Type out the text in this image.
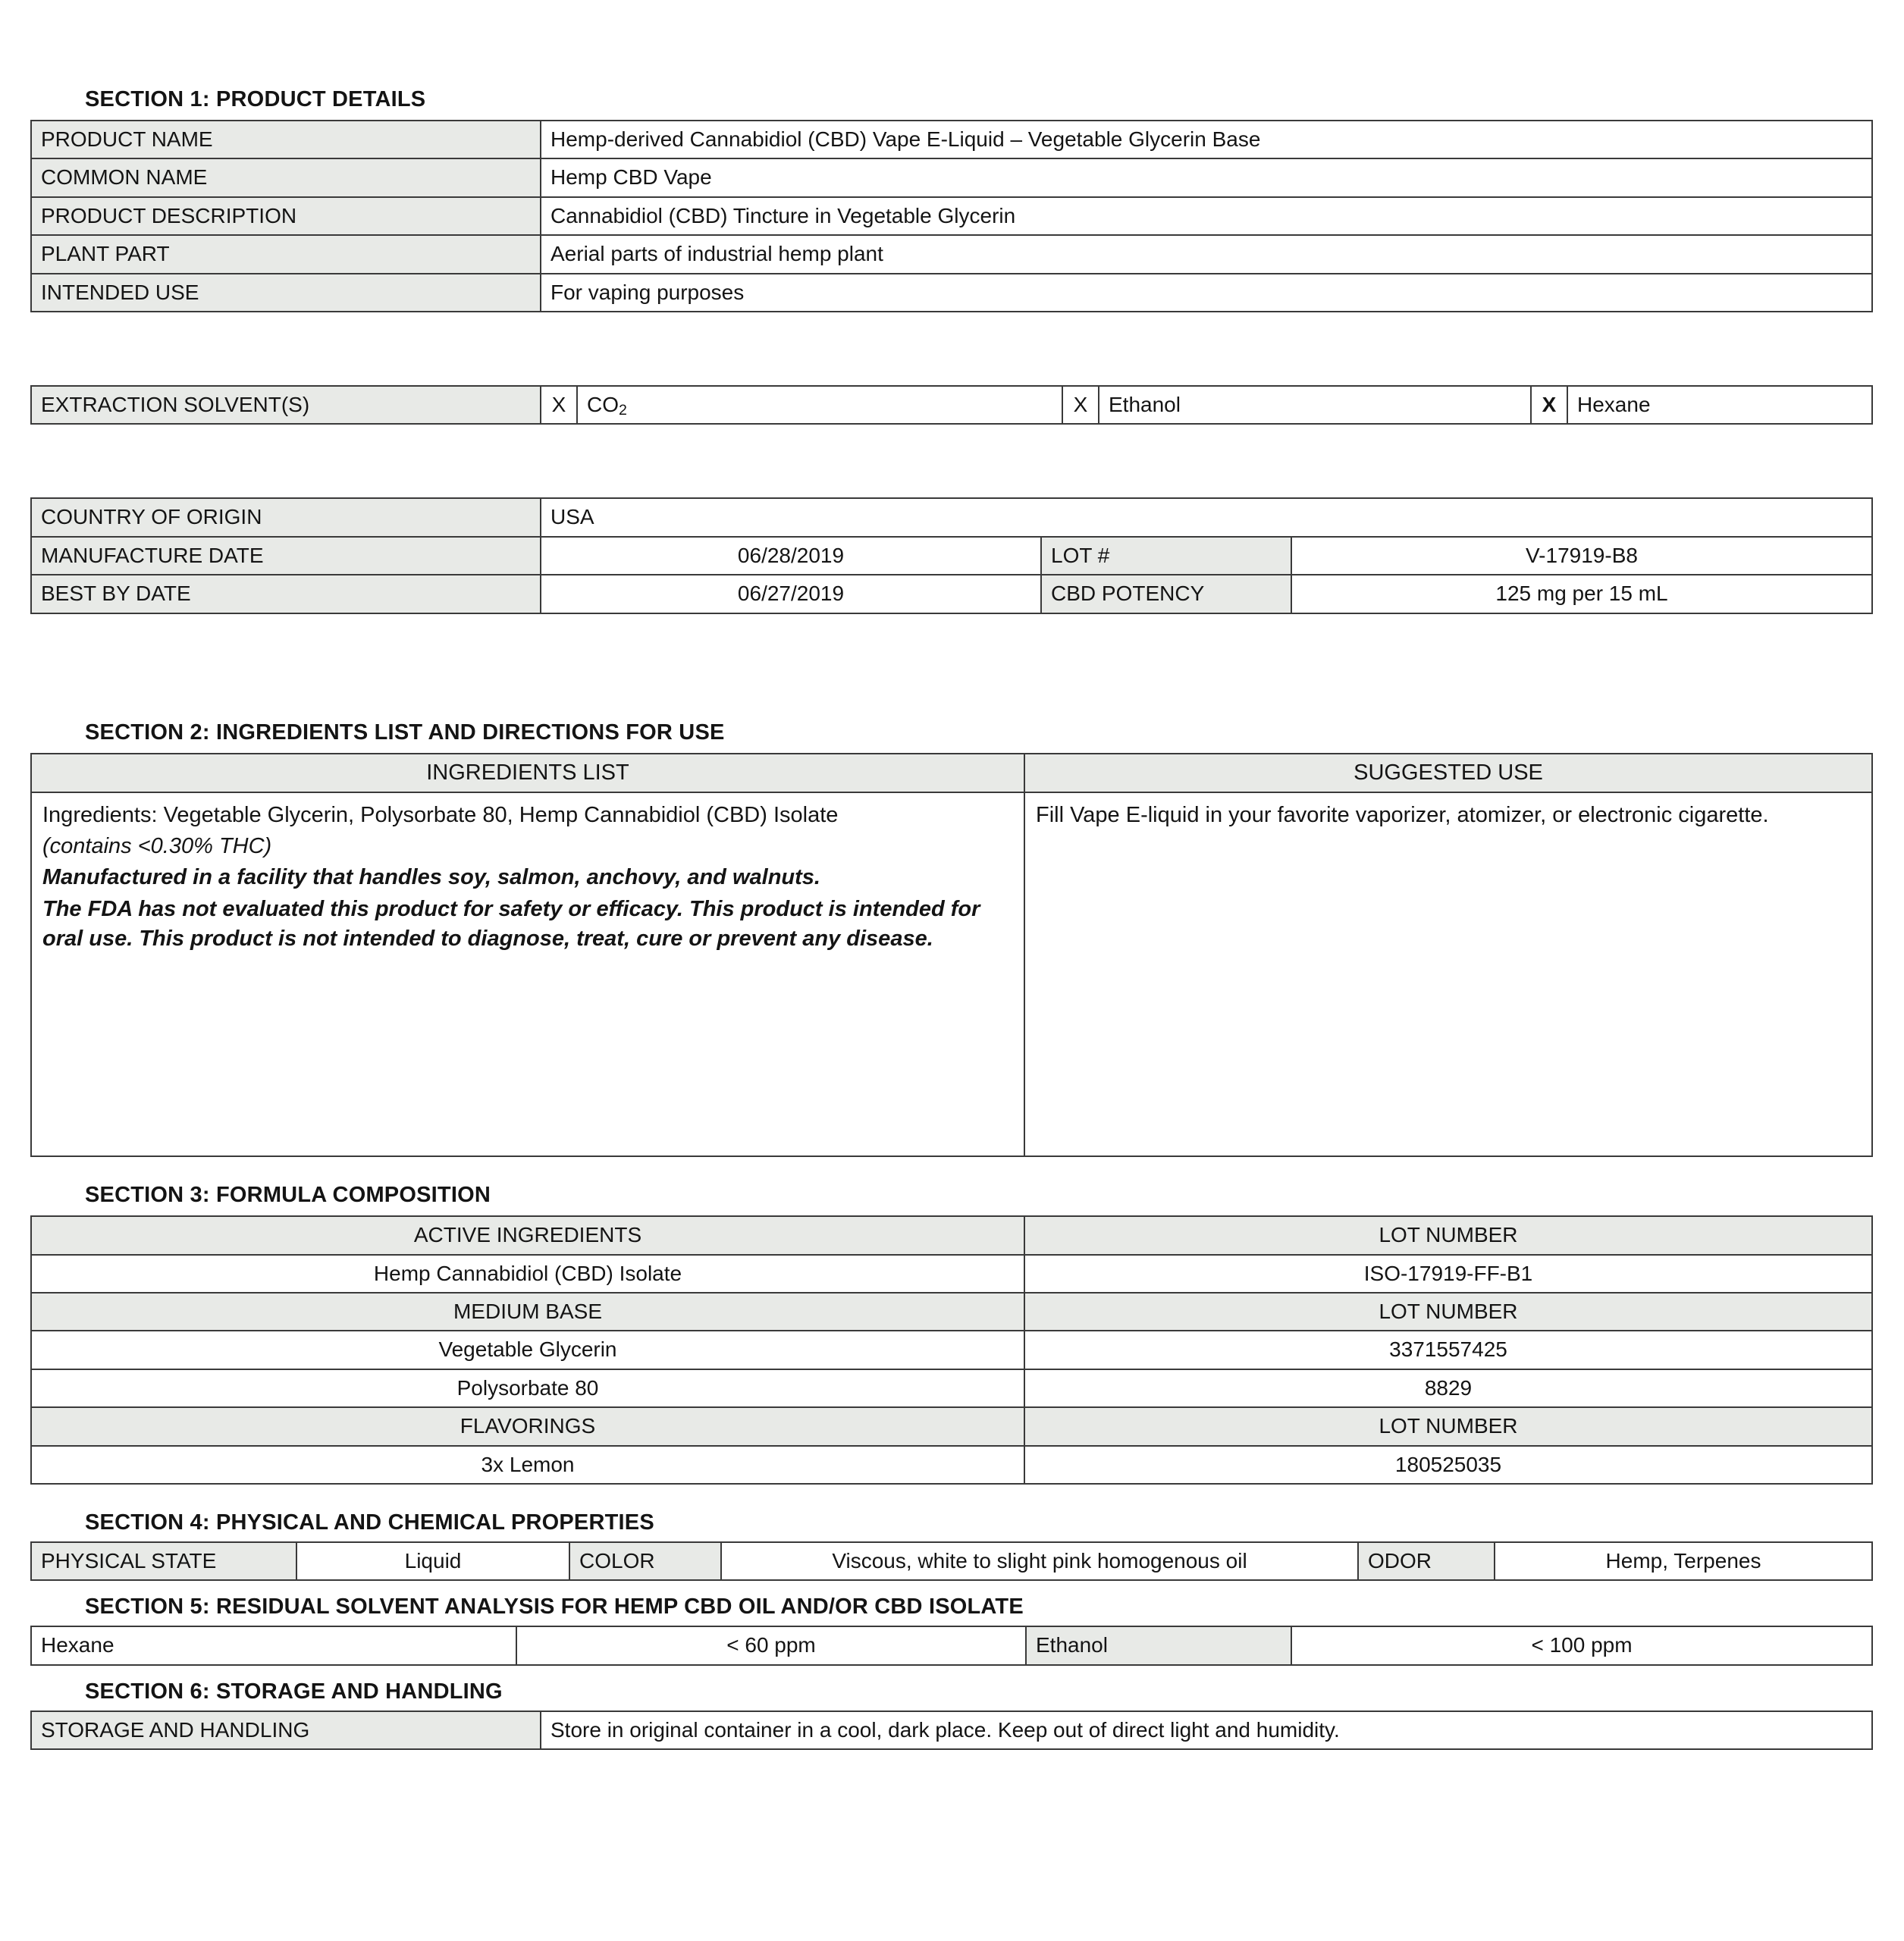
SECTION 1: PRODUCT DETAILS
PRODUCT NAME	Hemp-derived Cannabidiol (CBD) Vape E-Liquid – Vegetable Glycerin Base
COMMON NAME	Hemp CBD Vape
PRODUCT DESCRIPTION	Cannabidiol (CBD) Tincture in Vegetable Glycerin
PLANT PART	Aerial parts of industrial hemp plant
INTENDED USE	For vaping purposes
EXTRACTION SOLVENT(S)	X	$CO_2$	X	Ethanol	X	Hexane
COUNTRY OF ORIGIN	USA		
MANUFACTURE DATE	06/28/2019	LOT #	V-17919-B8
BEST BY DATE	06/27/2019	CBD POTENCY	125 mg per 15 mL
SECTION 2: INGREDIENTS LIST AND DIRECTIONS FOR USE
INGREDIENTS LIST	SUGGESTED USE

Ingredients: Vegetable Glycerin, Polysorbate 80, Hemp Cannabidiol (CBD) Isolate

(contains <0.30% THC)

Manufactured in a facility that handles soy, salmon, anchovy, and walnuts.

The FDA has not evaluated this product for safety or efficacy. This product is intended for oral use. This product is not intended to diagnose, treat, cure or prevent any disease.	Fill Vape E-liquid in your favorite vaporizer, atomizer, or electronic cigarette.

SECTION 3: FORMULA COMPOSITION
ACTIVE INGREDIENTS	LOT NUMBER
Hemp Cannabidiol (CBD) Isolate	ISO-17919-FF-B1
MEDIUM BASE	LOT NUMBER
Vegetable Glycerin	3371557425
Polysorbate 80	8829
FLAVORINGS	LOT NUMBER
3x Lemon	180525035
SECTION 4: PHYSICAL AND CHEMICAL PROPERTIES
PHYSICAL STATE	Liquid	COLOR	Viscous, white to slight pink homogenous oil	ODOR	Hemp, Terpenes
SECTION 5: RESIDUAL SOLVENT ANALYSIS FOR HEMP CBD OIL AND/OR CBD ISOLATE
Hexane	< 60 ppm	Ethanol	< 100 ppm
SECTION 6: STORAGE AND HANDLING
STORAGE AND HANDLING	Store in original container in a cool, dark place. Keep out of direct light and humidity.
